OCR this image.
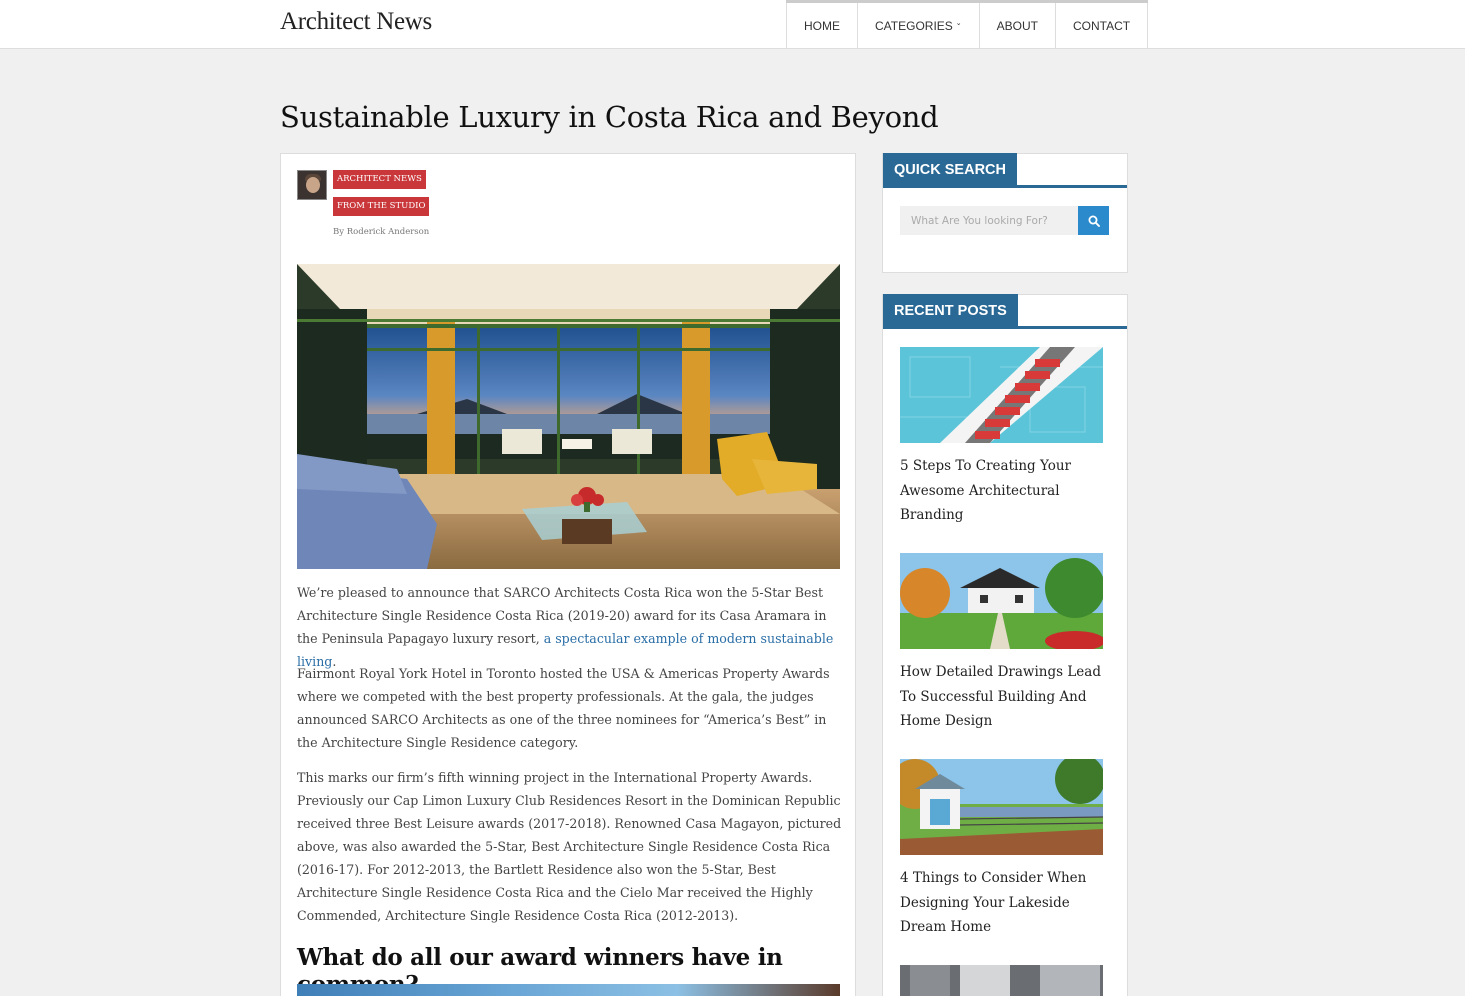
Architect News	HOME	CATEGORIES ⌄	ABOUT	CONTACT
Sustainable Luxury in Costa Rica and Beyond
ARCHITECT NEWS
FROM THE STUDIO
By Roderick Anderson

We’re pleased to announce that SARCO Architects Costa Rica won the 5-Star Best Architecture Single Residence Costa Rica (2019-20) award for its Casa Aramara in the Peninsula Papagayo luxury resort, a spectacular example of modern sustainable living.

Fairmont Royal York Hotel in Toronto hosted the USA & Americas Property Awards where we competed with the best property professionals. At the gala, the judges announced SARCO Architects as one of the three nominees for “America’s Best” in the Architecture Single Residence category.

This marks our firm’s fifth winning project in the International Property Awards. Previously our Cap Limon Luxury Club Residences Resort in the Dominican Republic received three Best Leisure awards (2017-2018). Renowned Casa Magayon, pictured above, was also awarded the 5-Star, Best Architecture Single Residence Costa Rica (2016-17). For 2012-2013, the Bartlett Residence also won the 5-Star, Best Architecture Single Residence Costa Rica and the Cielo Mar received the Highly Commended, Architecture Single Residence Costa Rica (2012-2013).

What do all our award winners have in
QUICK SEARCH
What Are You looking For?
RECENT POSTS
5 Steps To Creating Your Awesome Architectural Branding
How Detailed Drawings Lead To Successful Building And Home Design
4 Things to Consider When Designing Your Lakeside Dream Home
